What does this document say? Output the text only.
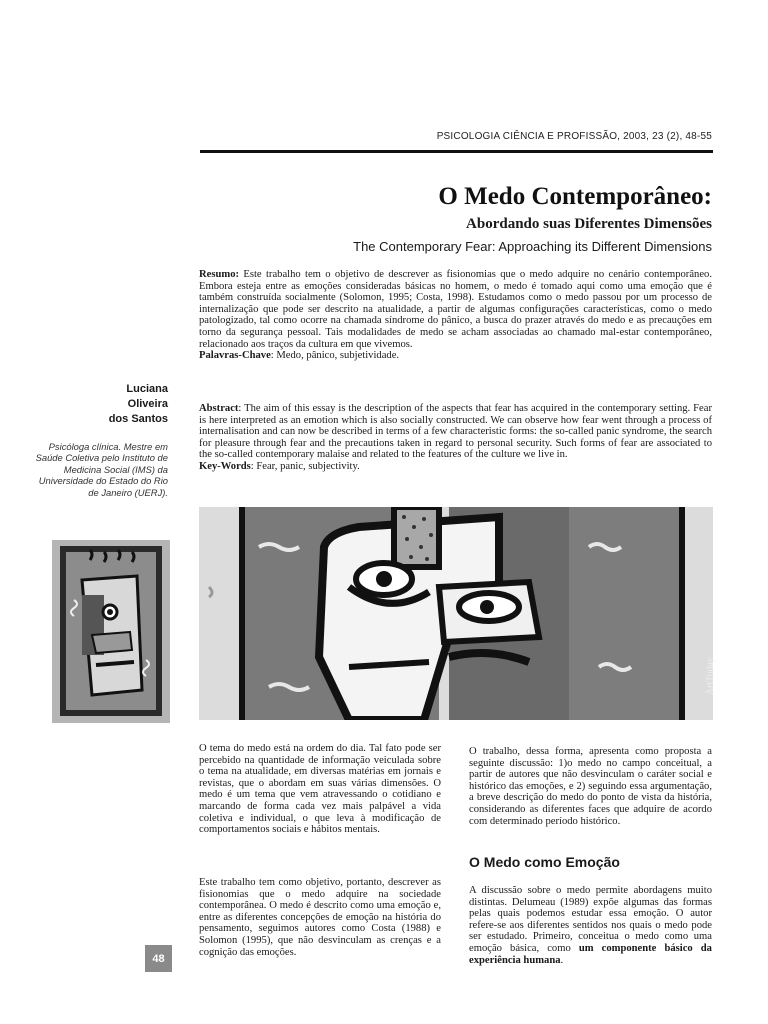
PSICOLOGIA CIÊNCIA E PROFISSÃO, 2003, 23 (2), 48-55
O Medo Contemporâneo:
Abordando suas Diferentes Dimensões
The Contemporary Fear: Approaching its Different Dimensions
Resumo: Este trabalho tem o objetivo de descrever as fisionomias que o medo adquire no cenário contemporâneo. Embora esteja entre as emoções consideradas básicas no homem, o medo é tomado aqui como uma emoção que é também construída socialmente (Solomon, 1995; Costa, 1998). Estudamos como o medo passou por um processo de internalização que pode ser descrito na atualidade, a partir de algumas configurações características, como o medo patologizado, tal como ocorre na chamada síndrome do pânico, a busca do prazer através do medo e as precauções em torno da segurança pessoal. Tais modalidades de medo se acham associadas ao chamado mal-estar contemporâneo, relacionado aos traços da cultura em que vivemos.
Palavras-Chave: Medo, pânico, subjetividade.
Abstract: The aim of this essay is the description of the aspects that fear has acquired in the contemporary setting. Fear is here interpreted as an emotion which is also socially constructed. We can observe how fear went through a process of internalisation and can now be described in terms of a few characteristic forms: the so-called panic syndrome, the search for pleasure through fear and the precautions taken in regard to personal security. Such forms of fear are associated to the so-called contemporary malaise and related to the features of the culture we live in.
Key-Words: Fear, panic, subjectivity.
Luciana
Oliveira
dos Santos
Psicóloga clínica. Mestre em Saúde Coletiva pelo Instituto de Medicina Social (IMS) da Universidade do Estado do Rio de Janeiro (UERJ).
ArtToday
O tema do medo está na ordem do dia. Tal fato pode ser percebido na quantidade de informação veiculada sobre o tema na atualidade, em diversas matérias em jornais e revistas, que o abordam em suas várias dimensões. O medo é um tema que vem atravessando o cotidiano e marcando de forma cada vez mais palpável a vida coletiva e individual, o que leva à modificação de comportamentos sociais e hábitos mentais.
Este trabalho tem como objetivo, portanto, descrever as fisionomias que o medo adquire na sociedade contemporânea. O medo é descrito como uma emoção e, entre as diferentes concepções de emoção na história do pensamento, seguimos autores como Costa (1988) e Solomon (1995), que não desvinculam as crenças e a cognição das emoções.
O trabalho, dessa forma, apresenta como proposta a seguinte discussão: 1)o medo no campo conceitual, a partir de autores que não desvinculam o caráter social e histórico das emoções, e 2) seguindo essa argumentação, a breve descrição do medo do ponto de vista da história, considerando as diferentes faces que adquire de acordo com determinado período histórico.
O Medo como Emoção
A discussão sobre o medo permite abordagens muito distintas. Delumeau (1989) expõe algumas das formas pelas quais podemos estudar essa emoção. O autor refere-se aos diferentes sentidos nos quais o medo pode ser estudado. Primeiro, conceitua o medo como uma emoção básica, como um componente básico da experiência humana.
48
